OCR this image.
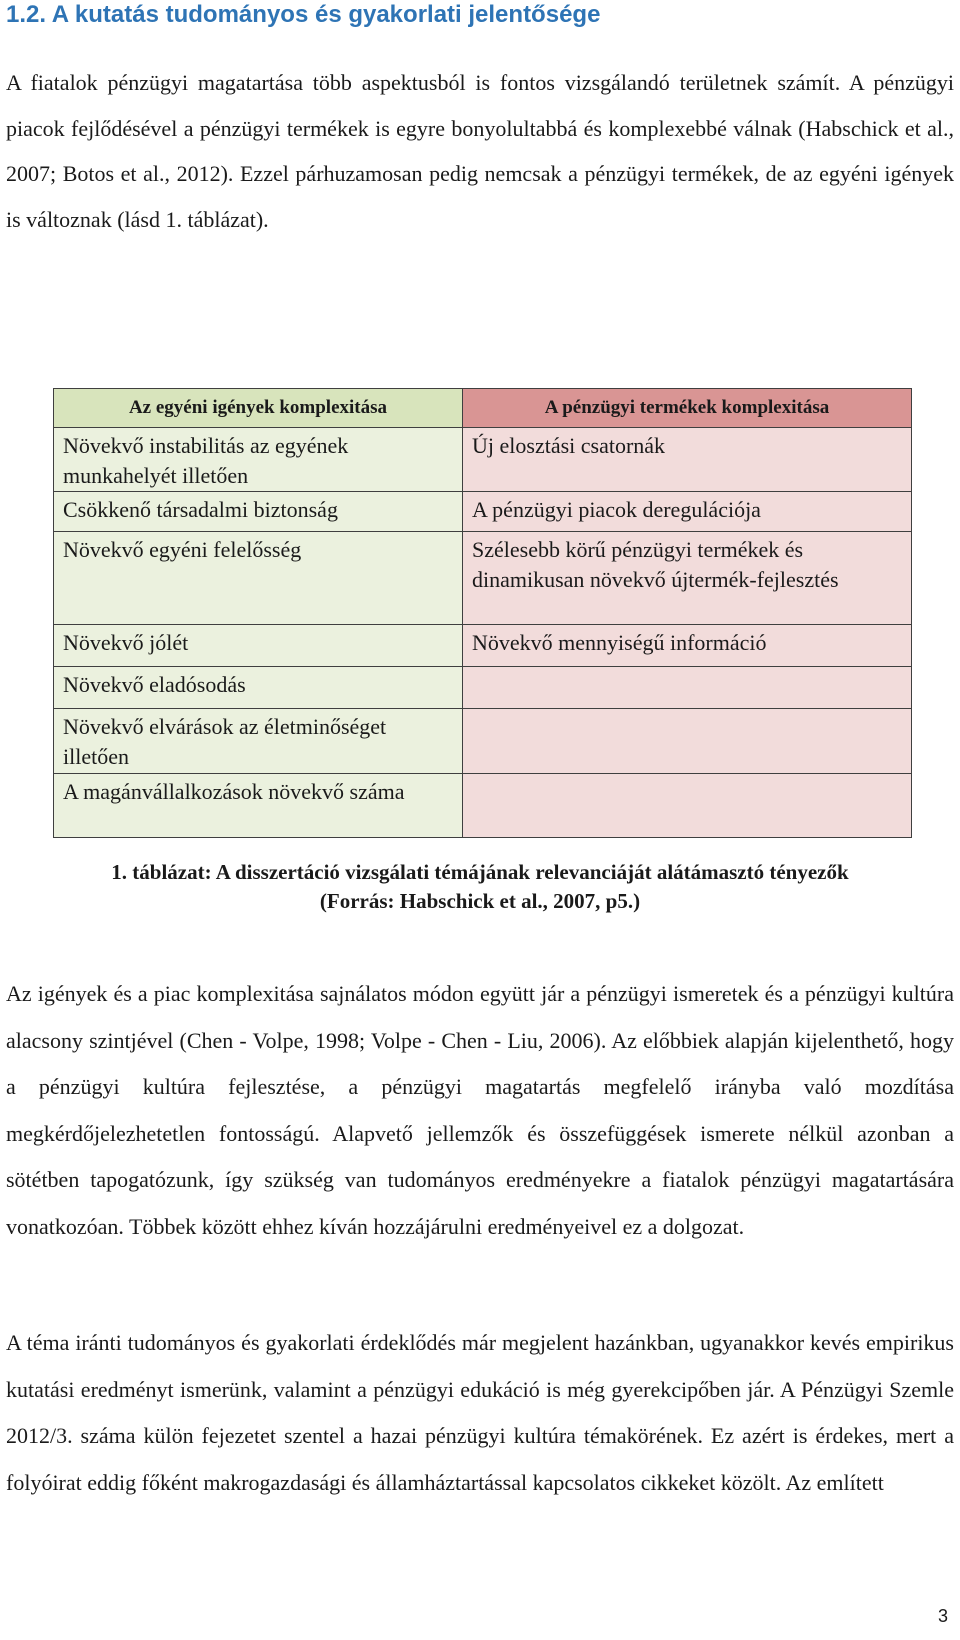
1.2. A kutatás tudományos és gyakorlati jelentősége

A fiatalok pénzügyi magatartása több aspektusból is fontos vizsgálandó területnek számít. A pénzügyi piacok fejlődésével a pénzügyi termékek is egyre bonyolultabbá és komplexebbé válnak (Habschick et al., 2007; Botos et al., 2012). Ezzel párhuzamosan pedig nemcsak a pénzügyi termékek, de az egyéni igények is változnak (lásd 1. táblázat).

Az egyéni igények komplexitása	A pénzügyi termékek komplexitása
Növekvő instabilitás az egyének munkahelyét illetően	Új elosztási csatornák
Csökkenő társadalmi biztonság	A pénzügyi piacok deregulációja
Növekvő egyéni felelősség	Szélesebb körű pénzügyi termékek és dinamikusan növekvő újtermék-fejlesztés
Növekvő jólét	Növekvő mennyiségű információ
Növekvő eladósodás	
Növekvő elvárások az életminőséget illetően	
A magánvállalkozások növekvő száma	

1. táblázat: A disszertáció vizsgálati témájának relevanciáját alátámasztó tényezők

(Forrás: Habschick et al., 2007, p5.)

Az igények és a piac komplexitása sajnálatos módon együtt jár a pénzügyi ismeretek és a pénzügyi kultúra alacsony szintjével (Chen - Volpe, 1998; Volpe - Chen - Liu, 2006). Az előbbiek alapján kijelenthető, hogy a pénzügyi kultúra fejlesztése, a pénzügyi magatartás megfelelő irányba való mozdítása megkérdőjelezhetetlen fontosságú. Alapvető jellemzők és összefüggések ismerete nélkül azonban a sötétben tapogatózunk, így szükség van tudományos eredményekre a fiatalok pénzügyi magatartására vonatkozóan. Többek között ehhez kíván hozzájárulni eredményeivel ez a dolgozat.

A téma iránti tudományos és gyakorlati érdeklődés már megjelent hazánkban, ugyanakkor kevés empirikus kutatási eredményt ismerünk, valamint a pénzügyi edukáció is még gyerekcipőben jár. A Pénzügyi Szemle 2012/3. száma külön fejezetet szentel a hazai pénzügyi kultúra témakörének. Ez azért is érdekes, mert a folyóirat eddig főként makrogazdasági és államháztartással kapcsolatos cikkeket közölt. Az említett

3
